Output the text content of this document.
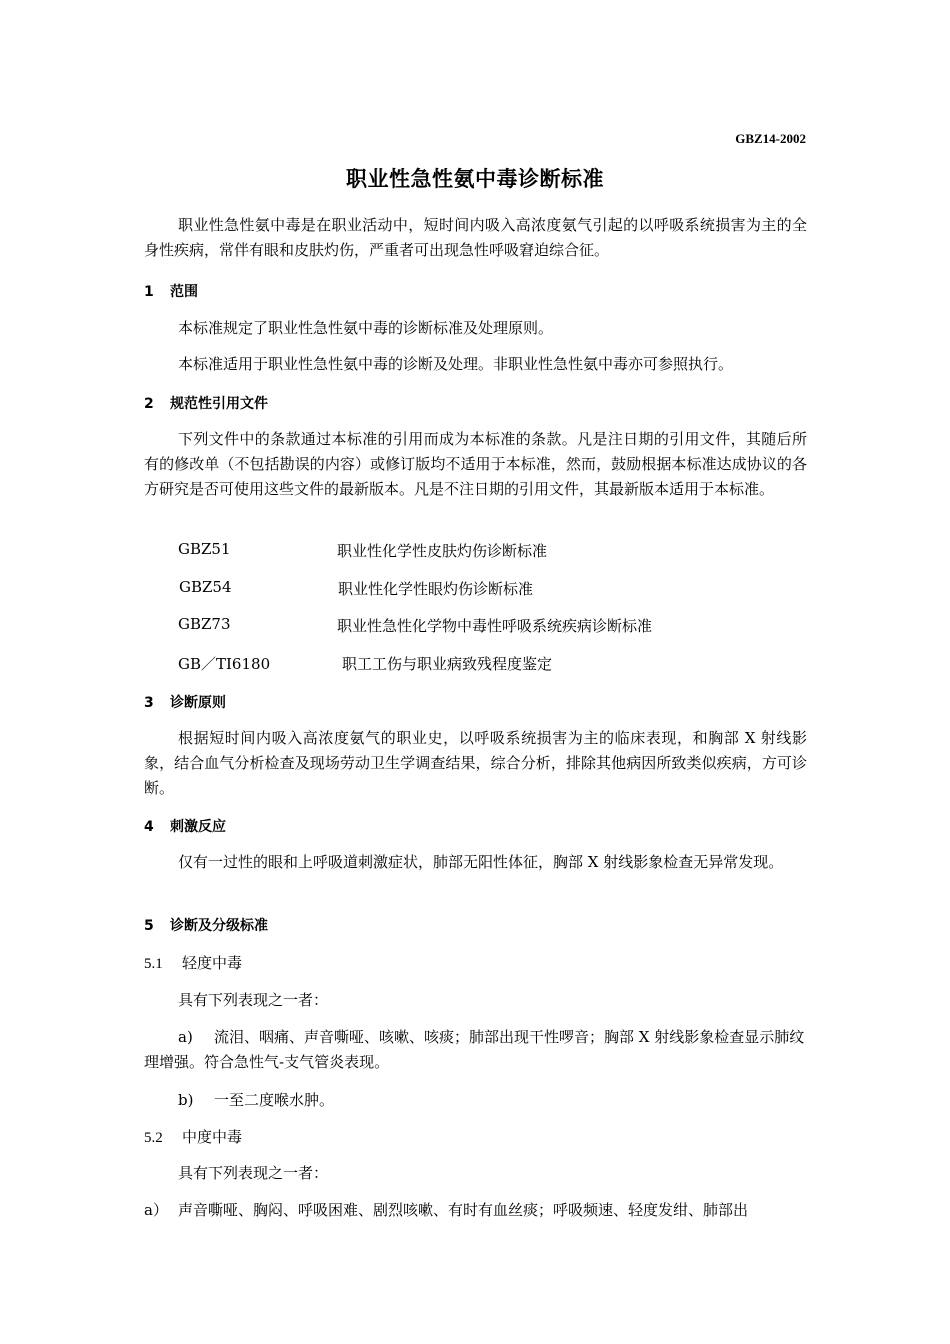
GBZ14-2002
职业性急性氨中毒诊断标准
职业性急性氨中毒是在职业活动中，短时间内吸入高浓度氨气引起的以呼吸系统损害为主的全身性疾病，常伴有眼和皮肤灼伤，严重者可出现急性呼吸窘迫综合征。
1 范围
本标准规定了职业性急性氨中毒的诊断标准及处理原则。
本标准适用于职业性急性氨中毒的诊断及处理。非职业性急性氨中毒亦可参照执行。
2 规范性引用文件
下列文件中的条款通过本标准的引用而成为本标准的条款。凡是注日期的引用文件，其随后所有的修改单（不包括勘误的内容）或修订版均不适用于本标准，然而，鼓励根据本标准达成协议的各方研究是否可使用这些文件的最新版本。凡是不注日期的引用文件，其最新版本适用于本标准。
GBZ51	职业性化学性皮肤灼伤诊断标准
GBZ54	职业性化学性眼灼伤诊断标准
GBZ73	职业性急性化学物中毒性呼吸系统疾病诊断标准
GB／TI6180	职工工伤与职业病致残程度鉴定
3 诊断原则
根据短时间内吸入高浓度氨气的职业史，以呼吸系统损害为主的临床表现，和胸部 X 射线影象，结合血气分析检查及现场劳动卫生学调查结果，综合分析，排除其他病因所致类似疾病，方可诊断。
4 刺激反应
仅有一过性的眼和上呼吸道刺激症状，肺部无阳性体征，胸部 X 射线影象检查无异常发现。
5 诊断及分级标准
5.1 轻度中毒
具有下列表现之一者：
a) 流泪、咽痛、声音嘶哑、咳嗽、咳痰；肺部出现干性啰音；胸部 X 射线影象检查显示肺纹理增强。符合急性气-支气管炎表现。
b) 一至二度喉水肿。
5.2 中度中毒
具有下列表现之一者：
a） 声音嘶哑、胸闷、呼吸困难、剧烈咳嗽、有时有血丝痰；呼吸频速、轻度发绀、肺部出
